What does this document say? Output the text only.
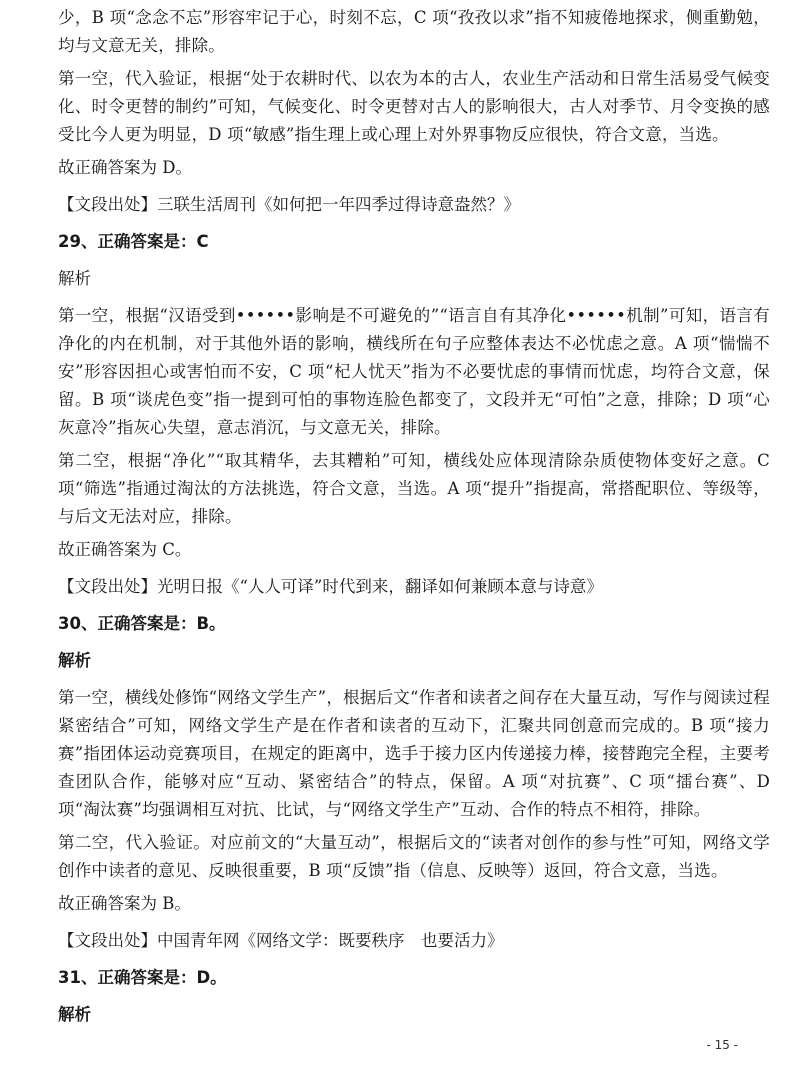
少，B 项“念念不忘”形容牢记于心，时刻不忘，C 项“孜孜以求”指不知疲倦地探求，侧重勤勉，均与文意无关，排除。

第一空，代入验证，根据“处于农耕时代、以农为本的古人，农业生产活动和日常生活易受气候变化、时令更替的制约”可知，气候变化、时令更替对古人的影响很大，古人对季节、月令变换的感受比今人更为明显，D 项“敏感”指生理上或心理上对外界事物反应很快，符合文意，当选。

故正确答案为 D。

【文段出处】三联生活周刊《如何把一年四季过得诗意盎然？》

29、正确答案是：C

解析

第一空，根据“汉语受到••••••影响是不可避免的”“语言自有其净化••••••机制”可知，语言有净化的内在机制，对于其他外语的影响，横线所在句子应整体表达不必忧虑之意。A 项“惴惴不安”形容因担心或害怕而不安，C 项“杞人忧天”指为不必要忧虑的事情而忧虑，均符合文意，保留。B 项“谈虎色变”指一提到可怕的事物连脸色都变了，文段并无“可怕”之意，排除；D 项“心灰意冷”指灰心失望，意志消沉，与文意无关，排除。

第二空，根据“净化”“取其精华，去其糟粕”可知，横线处应体现清除杂质使物体变好之意。C 项“筛选”指通过淘汰的方法挑选，符合文意，当选。A 项“提升”指提高，常搭配职位、等级等，与后文无法对应，排除。

故正确答案为 C。

【文段出处】光明日报《“人人可译”时代到来，翻译如何兼顾本意与诗意》

30、正确答案是：B。

解析

第一空，横线处修饰“网络文学生产”，根据后文“作者和读者之间存在大量互动，写作与阅读过程紧密结合”可知，网络文学生产是在作者和读者的互动下，汇聚共同创意而完成的。B 项“接力赛”指团体运动竞赛项目，在规定的距离中，选手于接力区内传递接力棒，接替跑完全程，主要考查团队合作，能够对应“互动、紧密结合”的特点，保留。A 项“对抗赛”、C 项“擂台赛”、D 项“淘汰赛”均强调相互对抗、比试，与“网络文学生产”互动、合作的特点不相符，排除。

第二空，代入验证。对应前文的“大量互动”，根据后文的“读者对创作的参与性”可知，网络文学创作中读者的意见、反映很重要，B 项“反馈”指（信息、反映等）返回，符合文意，当选。

故正确答案为 B。

【文段出处】中国青年网《网络文学：既要秩序　也要活力》

31、正确答案是：D。

解析

- 15 -
